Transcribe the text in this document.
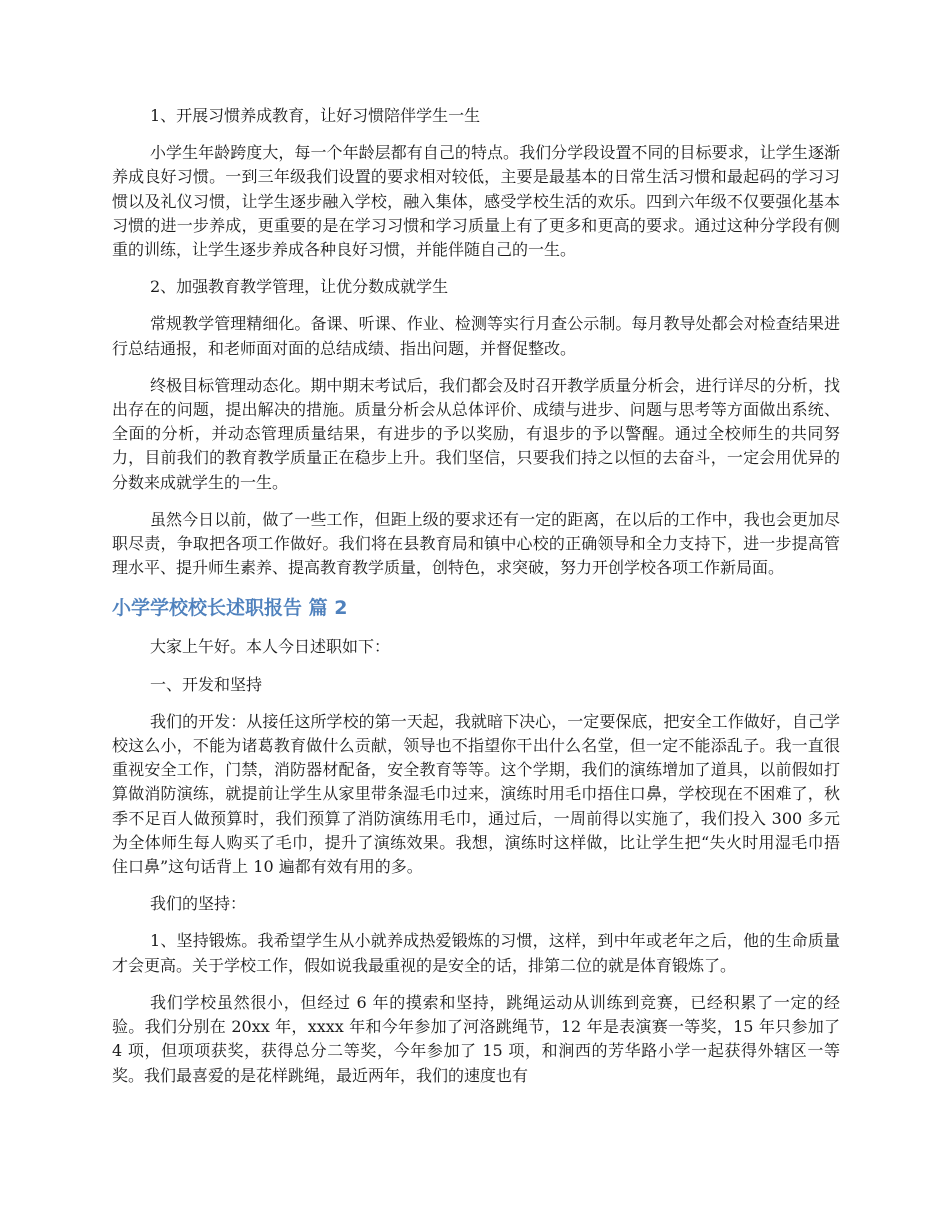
1、开展习惯养成教育，让好习惯陪伴学生一生

小学生年龄跨度大，每一个年龄层都有自己的特点。我们分学段设置不同的目标要求，让学生逐渐养成良好习惯。一到三年级我们设置的要求相对较低，主要是最基本的日常生活习惯和最起码的学习习惯以及礼仪习惯，让学生逐步融入学校，融入集体，感受学校生活的欢乐。四到六年级不仅要强化基本习惯的进一步养成，更重要的是在学习习惯和学习质量上有了更多和更高的要求。通过这种分学段有侧重的训练，让学生逐步养成各种良好习惯，并能伴随自己的一生。

2、加强教育教学管理，让优分数成就学生

常规教学管理精细化。备课、听课、作业、检测等实行月查公示制。每月教导处都会对检查结果进行总结通报，和老师面对面的总结成绩、指出问题，并督促整改。

终极目标管理动态化。期中期末考试后，我们都会及时召开教学质量分析会，进行详尽的分析，找出存在的问题，提出解决的措施。质量分析会从总体评价、成绩与进步、问题与思考等方面做出系统、全面的分析，并动态管理质量结果，有进步的予以奖励，有退步的予以警醒。通过全校师生的共同努力，目前我们的教育教学质量正在稳步上升。我们坚信，只要我们持之以恒的去奋斗，一定会用优异的分数来成就学生的一生。

虽然今日以前，做了一些工作，但距上级的要求还有一定的距离，在以后的工作中，我也会更加尽职尽责，争取把各项工作做好。我们将在县教育局和镇中心校的正确领导和全力支持下，进一步提高管理水平、提升师生素养、提高教育教学质量，创特色，求突破，努力开创学校各项工作新局面。

小学学校校长述职报告 篇 2

大家上午好。本人今日述职如下：

一、开发和坚持

我们的开发：从接任这所学校的第一天起，我就暗下决心，一定要保底，把安全工作做好，自己学校这么小，不能为诸葛教育做什么贡献，领导也不指望你干出什么名堂，但一定不能添乱子。我一直很重视安全工作，门禁，消防器材配备，安全教育等等。这个学期，我们的演练增加了道具，以前假如打算做消防演练，就提前让学生从家里带条湿毛巾过来，演练时用毛巾捂住口鼻，学校现在不困难了，秋季不足百人做预算时，我们预算了消防演练用毛巾，通过后，一周前得以实施了，我们投入 300 多元为全体师生每人购买了毛巾，提升了演练效果。我想，演练时这样做，比让学生把“失火时用湿毛巾捂住口鼻”这句话背上 10 遍都有效有用的多。

我们的坚持：

1、坚持锻炼。我希望学生从小就养成热爱锻炼的习惯，这样，到中年或老年之后，他的生命质量才会更高。关于学校工作，假如说我最重视的是安全的话，排第二位的就是体育锻炼了。

我们学校虽然很小，但经过 6 年的摸索和坚持，跳绳运动从训练到竞赛，已经积累了一定的经验。我们分别在 20xx 年，xxxx 年和今年参加了河洛跳绳节，12 年是表演赛一等奖，15 年只参加了 4 项，但项项获奖，获得总分二等奖，今年参加了 15 项，和涧西的芳华路小学一起获得外辖区一等奖。我们最喜爱的是花样跳绳，最近两年，我们的速度也有
